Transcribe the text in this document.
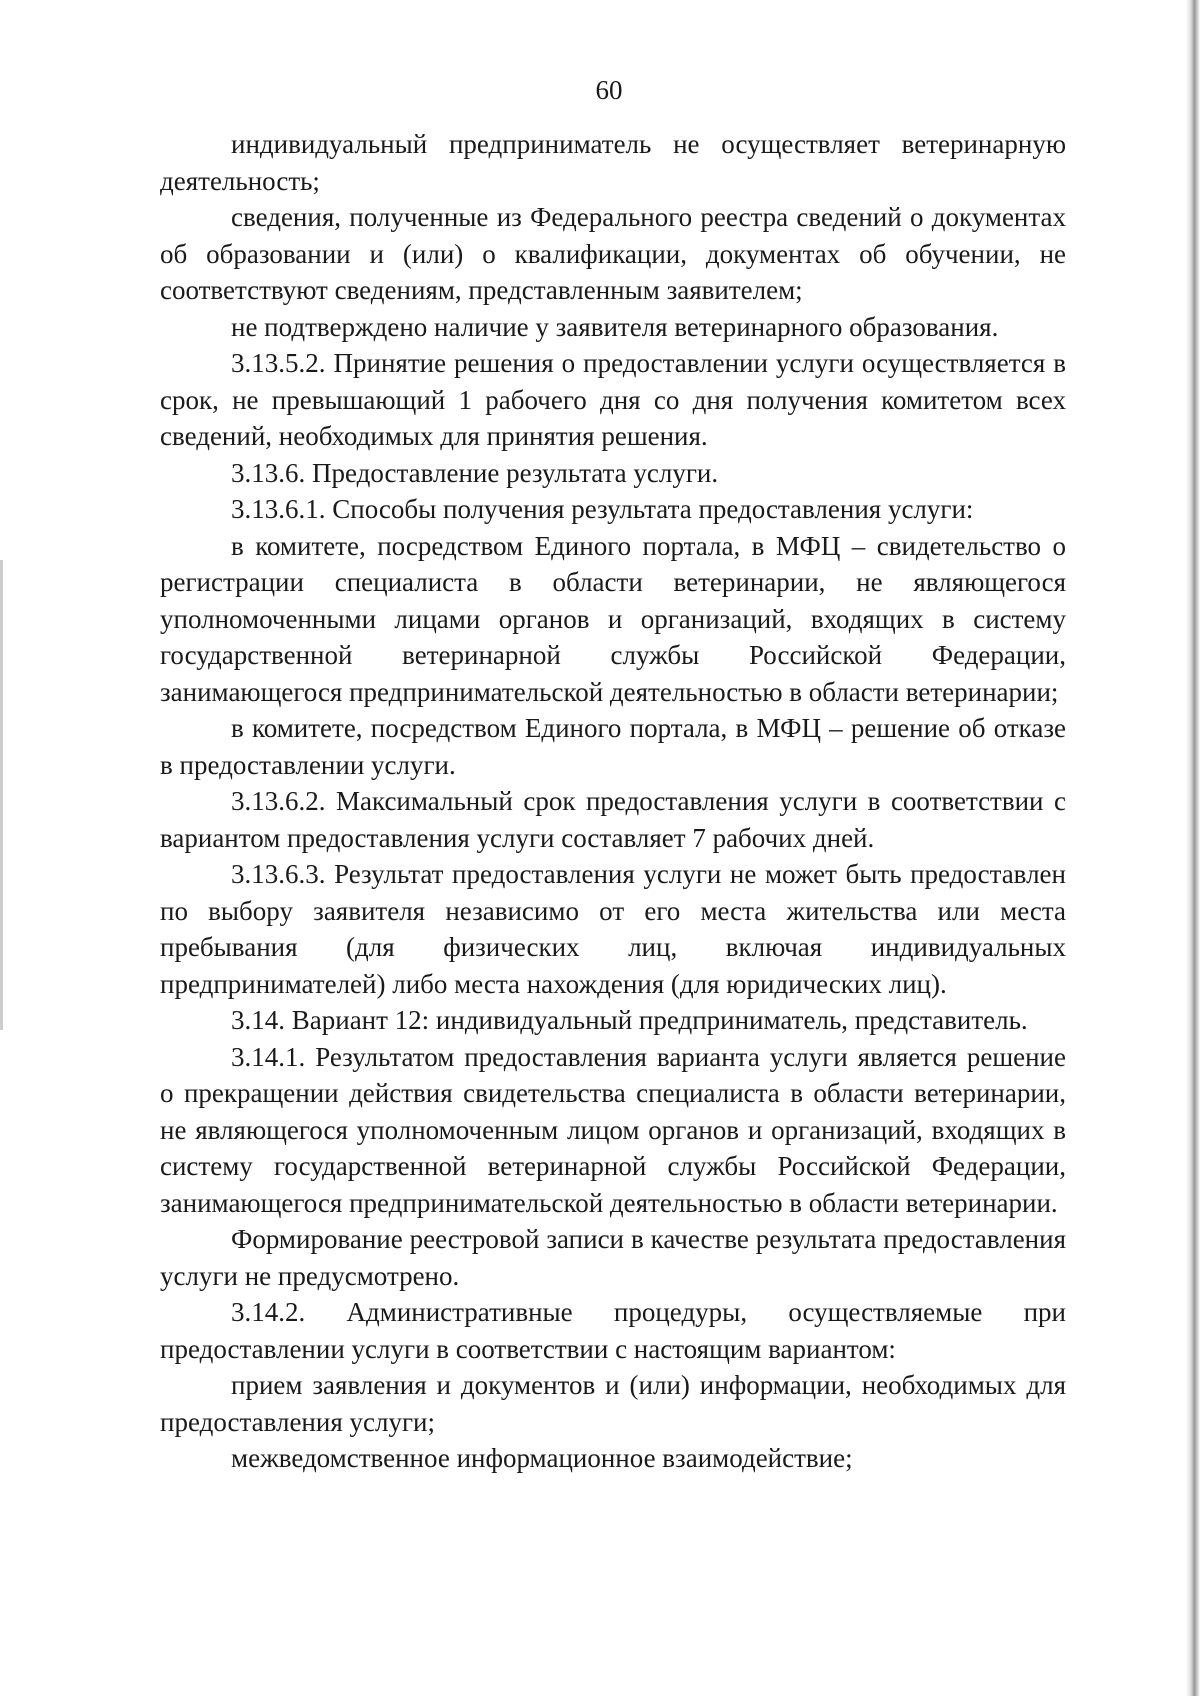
60

индивидуальный предприниматель не осуществляет ветеринарную деятельность;

сведения, полученные из Федерального реестра сведений о документах об образовании и (или) о квалификации, документах об обучении, не соответствуют сведениям, представленным заявителем;

не подтверждено наличие у заявителя ветеринарного образования.

3.13.5.2. Принятие решения о предоставлении услуги осуществляется в срок, не превышающий 1 рабочего дня со дня получения комитетом всех сведений, необходимых для принятия решения.

3.13.6. Предоставление результата услуги.

3.13.6.1. Способы получения результата предоставления услуги:

в комитете, посредством Единого портала, в МФЦ – свидетельство о регистрации специалиста в области ветеринарии, не являющегося уполномоченными лицами органов и организаций, входящих в систему государственной ветеринарной службы Российской Федерации, занимающегося предпринимательской деятельностью в области ветеринарии;

в комитете, посредством Единого портала, в МФЦ – решение об отказе в предоставлении услуги.

3.13.6.2. Максимальный срок предоставления услуги в соответствии с вариантом предоставления услуги составляет 7 рабочих дней.

3.13.6.3. Результат предоставления услуги не может быть предоставлен по выбору заявителя независимо от его места жительства или места пребывания (для физических лиц, включая индивидуальных предпринимателей) либо места нахождения (для юридических лиц).

3.14. Вариант 12: индивидуальный предприниматель, представитель.

3.14.1. Результатом предоставления варианта услуги является решение о прекращении действия свидетельства специалиста в области ветеринарии, не являющегося уполномоченным лицом органов и организаций, входящих в систему государственной ветеринарной службы Российской Федерации, занимающегося предпринимательской деятельностью в области ветеринарии.

Формирование реестровой записи в качестве результата предоставления услуги не предусмотрено.

3.14.2. Административные процедуры, осуществляемые при предоставлении услуги в соответствии с настоящим вариантом:

прием заявления и документов и (или) информации, необходимых для предоставления услуги;

межведомственное информационное взаимодействие;
